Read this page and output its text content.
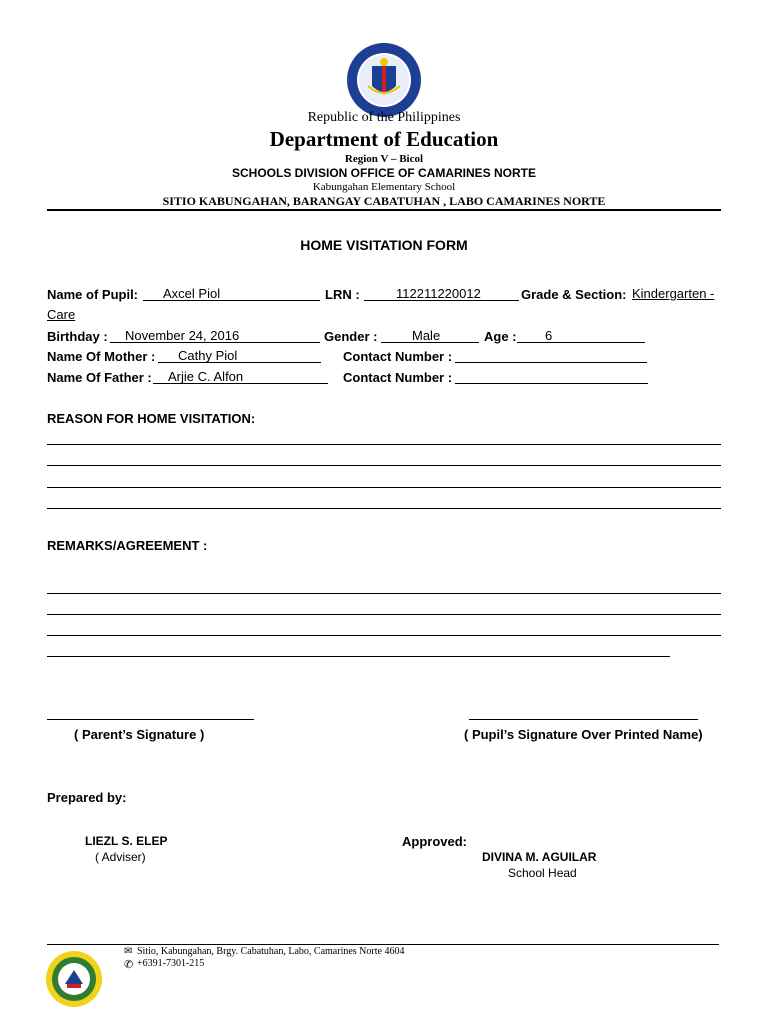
Republic of the Philippines
Department of Education
Region V – Bicol
SCHOOLS DIVISION OFFICE OF CAMARINES NORTE
Kabungahan Elementary School
SITIO KABUNGAHAN, BARANGAY CABATUHAN , LABO CAMARINES NORTE
HOME VISITATION FORM
Name of Pupil: Axcel Piol	LRN :	112211220012	Grade & Section: Kindergarten -
Care
Birthday : November 24, 2016	Gender :	Male	Age : 6
Name Of Mother : Cathy Piol	Contact Number :
Name Of Father : Arjie C. Alfon	Contact Number :
REASON FOR HOME VISITATION:
REMARKS/AGREEMENT :
( Parent’s Signature )	( Pupil’s Signature Over Printed Name)
Prepared by:
LIEZL S. ELEP
( Adviser)
Approved:
DIVINA M. AGUILAR
School Head
✉ Sitio, Kabungahan, Brgy. Cabatuhan, Labo, Camarines Norte 4604
✆ +6391-7301-215
